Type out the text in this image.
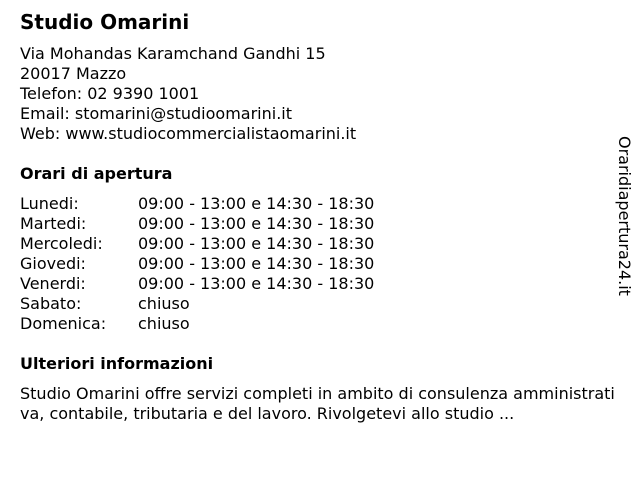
Studio Omarini
Via Mohandas Karamchand Gandhi 15
20017 Mazzo
Telefon: 02 9390 1001
Email: stomarini@studioomarini.it
Web: www.studiocommercialistaomarini.it
Orari di apertura
Lunedi:	09:00 - 13:00 e 14:30 - 18:30
Martedi:	09:00 - 13:00 e 14:30 - 18:30
Mercoledi:	09:00 - 13:00 e 14:30 - 18:30
Giovedi:	09:00 - 13:00 e 14:30 - 18:30
Venerdi:	09:00 - 13:00 e 14:30 - 18:30
Sabato:	chiuso
Domenica:	chiuso
Ulteriori informazioni
Studio Omarini offre servizi completi in ambito di consulenza amministrativa, contabile, tributaria e del lavoro. Rivolgetevi allo studio ...
Oraridiapertura24.it
